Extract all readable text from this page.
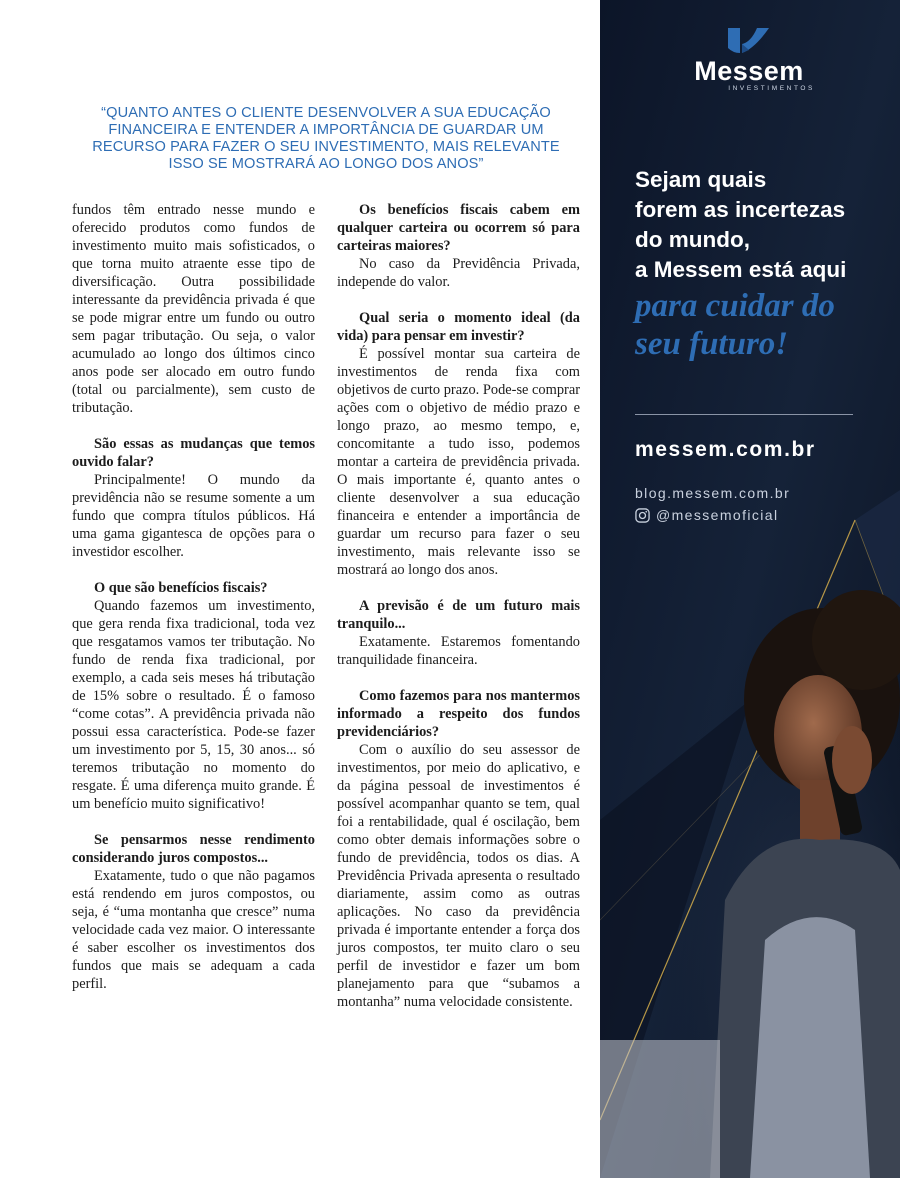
“QUANTO ANTES O CLIENTE DESENVOLVER A SUA EDUCAÇÃO
FINANCEIRA E ENTENDER A IMPORTÂNCIA DE GUARDAR UM
RECURSO PARA FAZER O SEU INVESTIMENTO, MAIS RELEVANTE
ISSO SE MOSTRARÁ AO LONGO DOS ANOS”

fundos têm entrado nesse mundo e oferecido produtos como fundos de investimento muito mais sofisticados, o que torna muito atraente esse tipo de diversificação. Outra possibilidade interessante da previdência privada é que se pode migrar entre um fundo ou outro sem pagar tributação. Ou seja, o valor acumulado ao longo dos últimos cinco anos pode ser alocado em outro fundo (total ou parcialmente), sem custo de tributação.

São essas as mudanças que temos ouvido falar?

Principalmente! O mundo da previdência não se resume somente a um fundo que compra títulos públicos. Há uma gama gigantesca de opções para o investidor escolher.

O que são benefícios fiscais?

Quando fazemos um investimento, que gera renda fixa tradicional, toda vez que resgatamos vamos ter tributação. No fundo de renda fixa tradicional, por exemplo, a cada seis meses há tributação de 15% sobre o resultado. É o famoso “come cotas”. A previdência privada não possui essa característica. Pode-se fazer um investimento por 5, 15, 30 anos... só teremos tributação no momento do resgate. É uma diferença muito grande. É um benefício muito significativo!

Se pensarmos nesse rendimento considerando juros compostos...

Exatamente, tudo o que não pagamos está rendendo em juros compostos, ou seja, é “uma montanha que cresce” numa velocidade cada vez maior. O interessante é saber escolher os investimentos dos fundos que mais se adequam a cada perfil.

Os benefícios fiscais cabem em qualquer carteira ou ocorrem só para carteiras maiores?

No caso da Previdência Privada, independe do valor.

Qual seria o momento ideal (da vida) para pensar em investir?

É possível montar sua carteira de investimentos de renda fixa com objetivos de curto prazo. Pode-se comprar ações com o objetivo de médio prazo e longo prazo, ao mesmo tempo, e, concomitante a tudo isso, podemos montar a carteira de previdência privada. O mais importante é, quanto antes o cliente desenvolver a sua educação financeira e entender a importância de guardar um recurso para fazer o seu investimento, mais relevante isso se mostrará ao longo dos anos.

A previsão é de um futuro mais tranquilo...

Exatamente. Estaremos fomentando tranquilidade financeira.

Como fazemos para nos mantermos informado a respeito dos fundos previdenciários?

Com o auxílio do seu assessor de investimentos, por meio do aplicativo, e da página pessoal de investimentos é possível acompanhar quanto se tem, qual foi a rentabilidade, qual é oscilação, bem como obter demais informações sobre o fundo de previdência, todos os dias. A Previdência Privada apresenta o resultado diariamente, assim como as outras aplicações. No caso da previdência privada é importante entender a força dos juros compostos, ter muito claro o seu perfil de investidor e fazer um bom planejamento para que “subamos a montanha” numa velocidade consistente.

Messem
INVESTIMENTOS
Sejam quais
forem as incertezas
do mundo,
a Messem está aqui
para cuidar do
seu futuro!
messem.com.br
blog.messem.com.br
@messemoficial
